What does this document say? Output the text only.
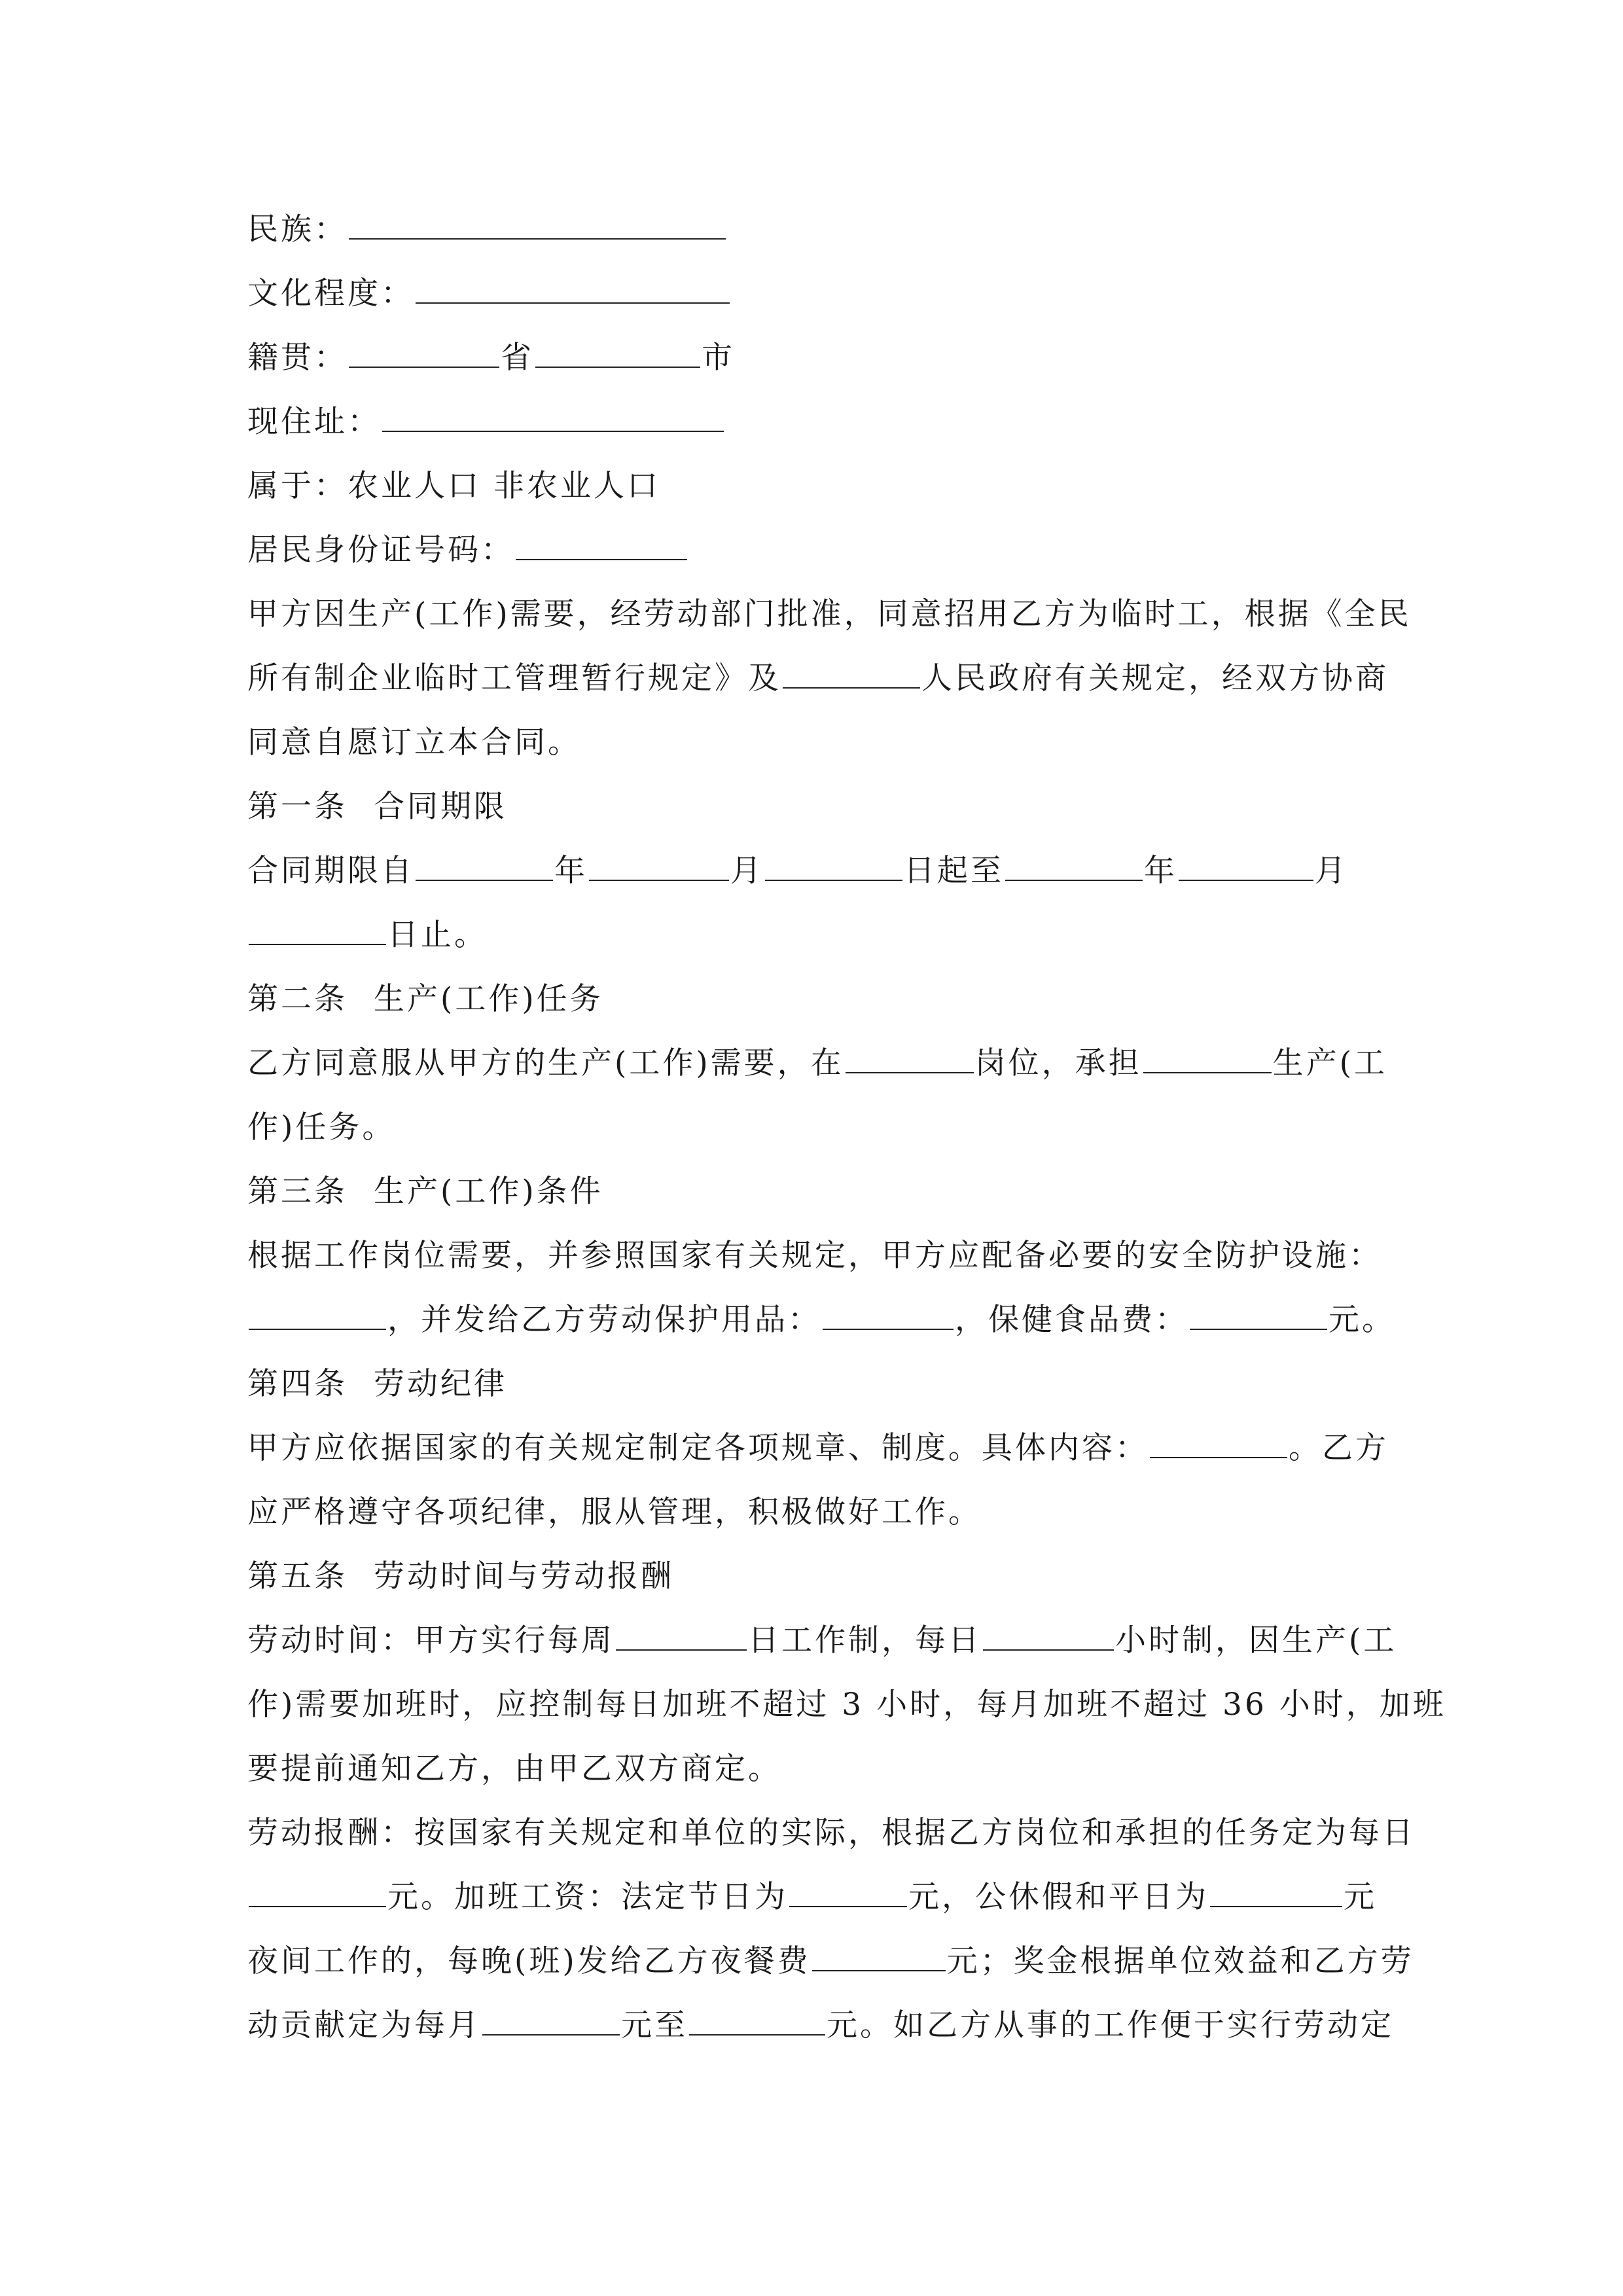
民族：
文化程度：
籍贯：	省	市
现住址：
属于：农业人口 非农业人口
居民身份证号码：
甲方因生产(工作)需要，经劳动部门批准，同意招用乙方为临时工，根据《全民
所有制企业临时工管理暂行规定》及	人民政府有关规定，经双方协商
同意自愿订立本合同。
第一条 合同期限
合同期限自	年	月	日起至	年	月
日止。
第二条 生产(工作)任务
乙方同意服从甲方的生产(工作)需要，在	岗位，承担	生产(工
作)任务。
第三条 生产(工作)条件
根据工作岗位需要，并参照国家有关规定，甲方应配备必要的安全防护设施：
，并发给乙方劳动保护用品：	，保健食品费：	元。
第四条 劳动纪律
甲方应依据国家的有关规定制定各项规章、制度。具体内容：	。乙方
应严格遵守各项纪律，服从管理，积极做好工作。
第五条 劳动时间与劳动报酬
劳动时间：甲方实行每周	日工作制，每日	小时制，因生产(工
作)需要加班时，应控制每日加班不超过 3 小时，每月加班不超过 36 小时，加班
要提前通知乙方，由甲乙双方商定。
劳动报酬：按国家有关规定和单位的实际，根据乙方岗位和承担的任务定为每日
元。加班工资：法定节日为	元，公休假和平日为	元
夜间工作的，每晚(班)发给乙方夜餐费	元；奖金根据单位效益和乙方劳
动贡献定为每月	元至	元。如乙方从事的工作便于实行劳动定
